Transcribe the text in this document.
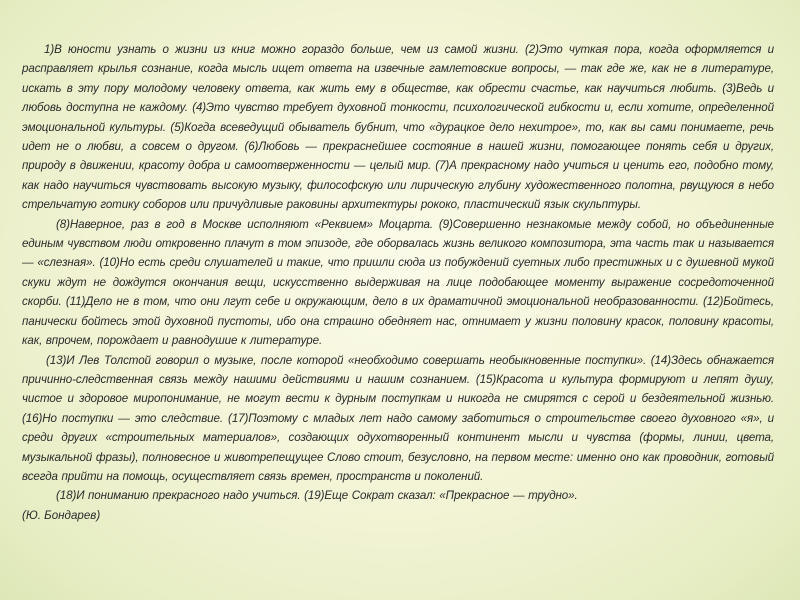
1)В юности узнать о жизни из книг можно гораздо больше, чем из самой жизни. (2)Это чуткая пора, когда оформляется и расправляет крылья сознание, когда мысль ищет ответа на извечные гамлетовские вопросы, — так где же, как не в литературе, искать в эту пору молодому человеку ответа, как жить ему в обществе, как обрести счастье, как научиться любить. (3)Ведь и любовь доступна не каждому. (4)Это чувство требует духовной тонкости, психологической гибкости и, если хотите, определенной эмоциональной культуры. (5)Когда всеведущий обыватель бубнит, что «дурацкое дело нехитрое», то, как вы сами понимаете, речь идет не о любви, а совсем о другом. (6)Любовь — прекраснейшее состояние в нашей жизни, помогающее понять себя и других, природу в движении, красоту добра и самоотверженности — целый мир. (7)А прекрасному надо учиться и ценить его, подобно тому, как надо научиться чувствовать высокую музыку, философскую или лирическую глубину художественного полотна, рвущуюся в небо стрельчатую готику соборов или причудливые раковины архитектуры рококо, пластический язык скульптуры.

(8)Наверное, раз в год в Москве исполняют «Реквием» Моцарта. (9)Совершенно незнакомые между собой, но объединенные единым чувством люди откровенно плачут в том эпизоде, где оборвалась жизнь великого композитора, эта часть так и называется — «слезная». (10)Но есть среди слушателей и такие, что пришли сюда из побуждений суетных либо престижных и с душевной мукой скуки ждут не дождутся окончания вещи, искусственно выдерживая на лице подобающее моменту выражение сосредоточенной скорби. (11)Дело не в том, что они лгут себе и окружающим, дело в их драматичной эмоциональной необразованности. (12)Бойтесь, панически бойтесь этой духовной пустоты, ибо она страшно обедняет нас, отнимает у жизни половину красок, половину красоты, как, впрочем, порождает и равнодушие к литературе.

(13)И Лев Толстой говорил о музыке, после которой «необходимо совершать необыкновенные поступки». (14)Здесь обнажается причинно-следственная связь между нашими действиями и нашим сознанием. (15)Красота и культура формируют и лепят душу, чистое и здоровое миропонимание, не могут вести к дурным поступкам и никогда не смирятся с серой и бездеятельной жизнью. (16)Но поступки — это следствие. (17)Поэтому с младых лет надо самому заботиться о строительстве своего духовного «я», и среди других «строительных материалов», создающих одухотворенный континент мысли и чувства (формы, линии, цвета, музыкальной фразы), полновесное и животрепещущее Слово стоит, безусловно, на первом месте: именно оно как проводник, готовый всегда прийти на помощь, осуществляет связь времен, пространств и поколений.

(18)И пониманию прекрасного надо учиться. (19)Еще Сократ сказал: «Прекрасное — трудно».

(Ю. Бондарев)
